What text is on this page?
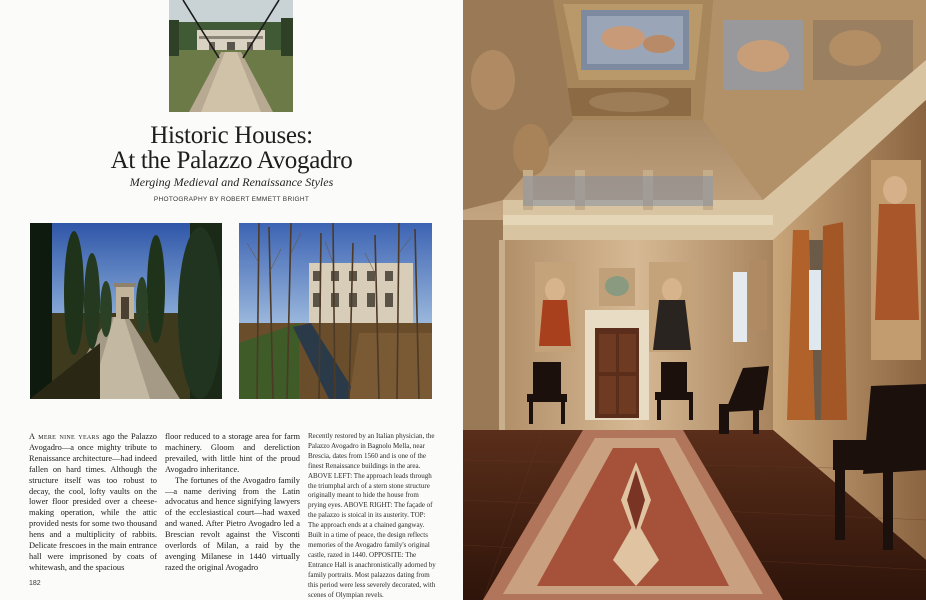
Historic Houses:
At the Palazzo Avogadro
Merging Medieval and Renaissance Styles
PHOTOGRAPHY BY ROBERT EMMETT BRIGHT

A mere nine years ago the Palazzo Avogadro—a once mighty tribute to Renaissance architecture—had indeed fallen on hard times. Although the structure itself was too robust to decay, the cool, lofty vaults on the lower floor presided over a cheese-making operation, while the attic provided nests for some two thousand hens and a multiplicity of rabbits. Delicate frescoes in the main entrance hall were imprisoned by coats of whitewash, and the spacious

floor reduced to a storage area for farm machinery. Gloom and dereliction prevailed, with little hint of the proud Avogadro inheritance.

The fortunes of the Avogadro family—a name deriving from the Latin advocatus and hence signifying lawyers of the ecclesiastical court—had waxed and waned. After Pietro Avogadro led a Brescian revolt against the Visconti overlords of Milan, a raid by the avenging Milanese in 1440 virtually razed the original Avogadro

Recently restored by an Italian physician, the Palazzo Avogadro in Bagnolo Mella, near Brescia, dates from 1560 and is one of the finest Renaissance buildings in the area. ABOVE LEFT: The approach leads through the triumphal arch of a stern stone structure originally meant to hide the house from prying eyes. ABOVE RIGHT: The façade of the palazzo is stoical in its austerity. TOP: The approach ends at a chained gangway. Built in a time of peace, the design reflects memories of the Avogadro family's original castle, razed in 1440. OPPOSITE: The Entrance Hall is anachronistically adorned by family portraits. Most palazzos dating from this period were less severely decorated, with scenes of Olympian revels.

182
